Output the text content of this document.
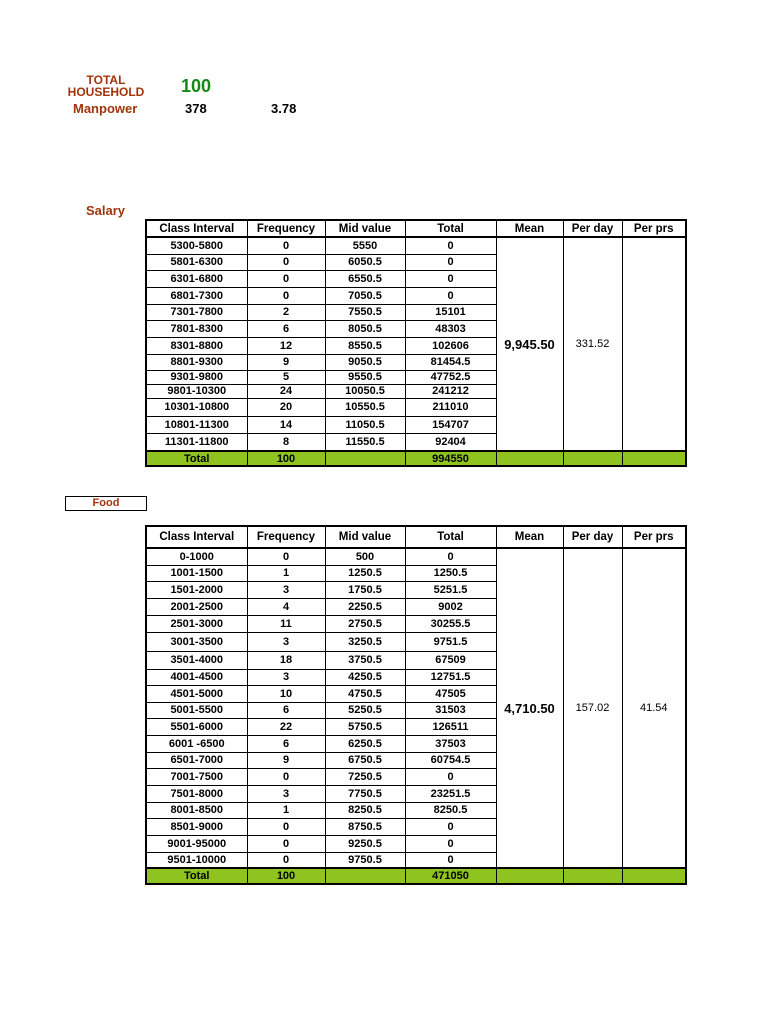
TOTAL
HOUSEHOLD	100
Manpower	378	3.78
Salary
Class Interval	Frequency	Mid value	Total	Mean	Per day	Per prs
5300-5800	0	5550	0	9,945.50	331.52	
5801-6300	0	6050.5	0			
6301-6800	0	6550.5	0			
6801-7300	0	7050.5	0			
7301-7800	2	7550.5	15101			
7801-8300	6	8050.5	48303			
8301-8800	12	8550.5	102606			
8801-9300	9	9050.5	81454.5			
9301-9800	5	9550.5	47752.5			
9801-10300	24	10050.5	241212			
10301-10800	20	10550.5	211010			
10801-11300	14	11050.5	154707			
11301-11800	8	11550.5	92404			
Total	100		994550			
Food
Class Interval	Frequency	Mid value	Total	Mean	Per day	Per prs
0-1000	0	500	0	4,710.50	157.02	41.54
1001-1500	1	1250.5	1250.5			
1501-2000	3	1750.5	5251.5			
2001-2500	4	2250.5	9002			
2501-3000	11	2750.5	30255.5			
3001-3500	3	3250.5	9751.5			
3501-4000	18	3750.5	67509			
4001-4500	3	4250.5	12751.5			
4501-5000	10	4750.5	47505			
5001-5500	6	5250.5	31503			
5501-6000	22	5750.5	126511			
6001 -6500	6	6250.5	37503			
6501-7000	9	6750.5	60754.5			
7001-7500	0	7250.5	0			
7501-8000	3	7750.5	23251.5			
8001-8500	1	8250.5	8250.5			
8501-9000	0	8750.5	0			
9001-95000	0	9250.5	0			
9501-10000	0	9750.5	0			
Total	100		471050			
